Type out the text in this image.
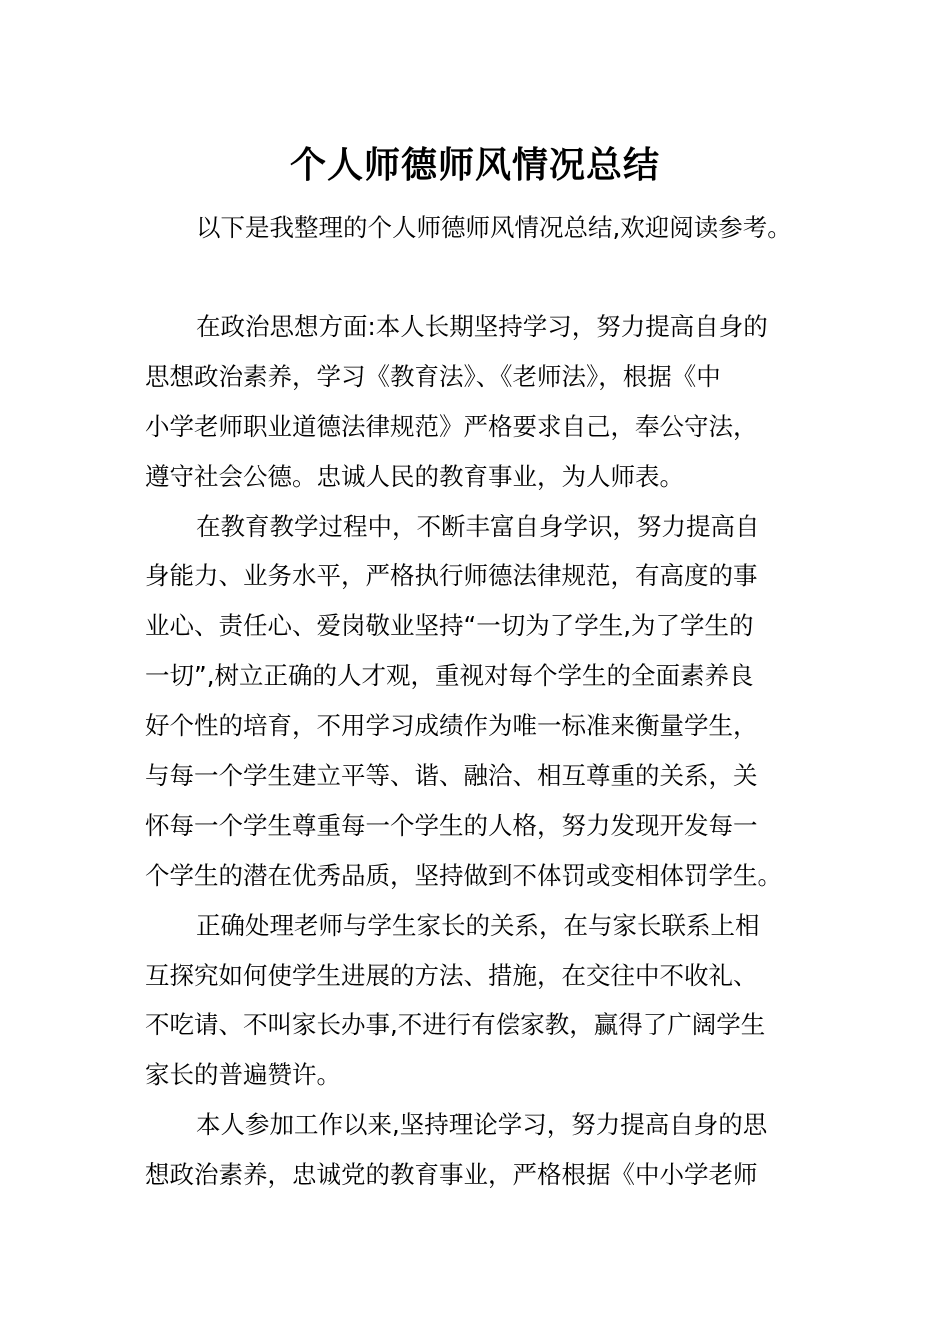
个人师德师风情况总结
以下是我整理的个人师德师风情况总结,欢迎阅读参考。
在政治思想方面:本人长期坚持学习，努力提高自身的
思想政治素养，学习《教育法》、《老师法》，根据《中
小学老师职业道德法律规范》严格要求自己，奉公守法，
遵守社会公德。忠诚人民的教育事业，为人师表。
在教育教学过程中，不断丰富自身学识，努力提高自
身能力、业务水平，严格执行师德法律规范，有高度的事
业心、责任心、爱岗敬业坚持“一切为了学生,为了学生的
一切”,树立正确的人才观，重视对每个学生的全面素养良
好个性的培育，不用学习成绩作为唯一标准来衡量学生，
与每一个学生建立平等、谐、融洽、相互尊重的关系，关
怀每一个学生尊重每一个学生的人格，努力发现开发每一
个学生的潜在优秀品质，坚持做到不体罚或变相体罚学生。
正确处理老师与学生家长的关系，在与家长联系上相
互探究如何使学生进展的方法、措施，在交往中不收礼、
不吃请、不叫家长办事,不进行有偿家教，赢得了广阔学生
家长的普遍赞许。
本人参加工作以来,坚持理论学习，努力提高自身的思
想政治素养，忠诚党的教育事业，严格根据《中小学老师
